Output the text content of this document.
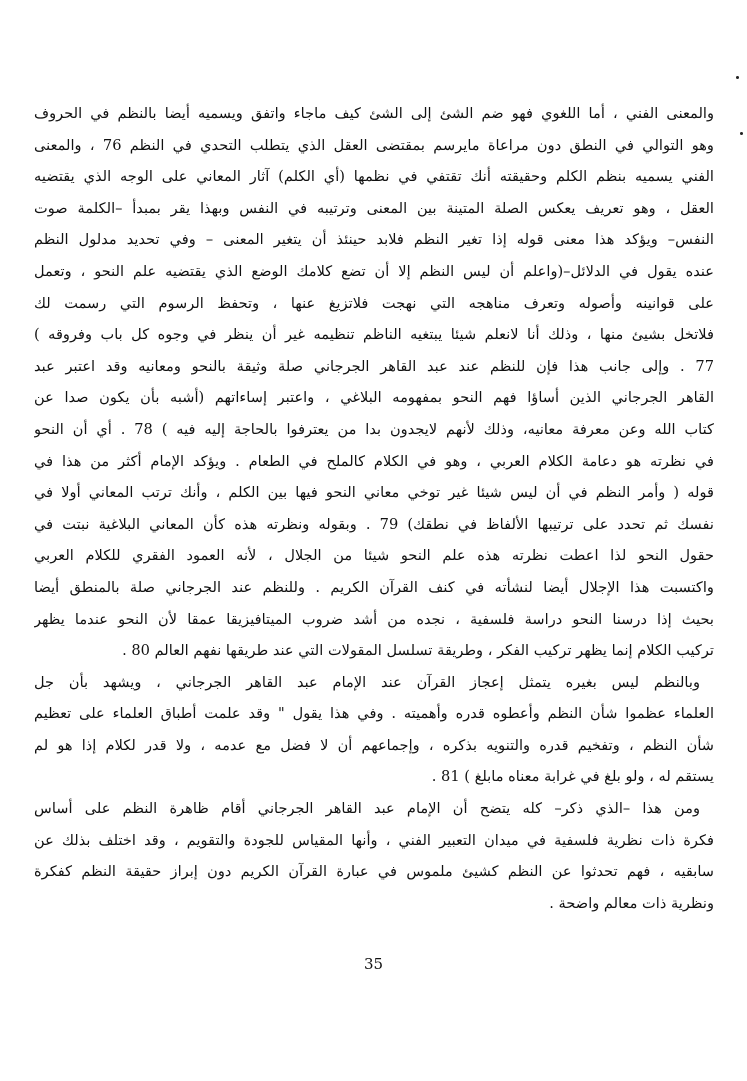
والمعنى الفني ، أما اللغوي فهو ضم الشئ إلى الشئ كيف ماجاء واتفق ويسميه أيضا بالنظم في الحروف
وهو التوالي في النطق دون مراعاة مايرسم بمقتضى العقل الذي يتطلب التحدي في النظم 76 ، والمعنى
الفني يسميه بنظم الكلم وحقيقته أنك تقتفي في نظمها (أي الكلم) آثار المعاني على الوجه الذي يقتضيه
العقل ، وهو تعريف يعكس الصلة المتينة بين المعنى وترتيبه في النفس وبهذا يقر بمبدأ –الكلمة صوت
النفس– ويؤكد هذا معنى قوله إذا تغير النظم فلابد حينئذ أن يتغير المعنى – وفي تحديد مدلول النظم
عنده يقول في الدلائل–(واعلم أن ليس النظم إلا أن تضع كلامك الوضع الذي يقتضيه علم النحو ، وتعمل
على قوانينه وأصوله وتعرف مناهجه التي نهجت فلاتزيغ عنها ، وتحفظ الرسوم التي رسمت لك
فلاتخل بشيئ منها ، وذلك أنا لانعلم شيئا يبتغيه الناظم تنظيمه غير أن ينظر في وجوه كل باب وفروقه )
77 . وإلى جانب هذا فإن للنظم عند عبد القاهر الجرجاني صلة وثيقة بالنحو ومعانيه وقد اعتبر عبد
القاهر الجرجاني الذين أساؤا فهم النحو بمفهومه البلاغي ، واعتبر إساءاتهم (أشبه بأن يكون صدا عن
كتاب الله وعن معرفة معانيه، وذلك لأنهم لايجدون بدا من يعترفوا بالحاجة إليه فيه ) 78 . أي أن النحو
في نظرته هو دعامة الكلام العربي ، وهو في الكلام كالملح في الطعام . ويؤكد الإمام أكثر من هذا في
قوله ( وأمر النظم في أن ليس شيئا غير توخي معاني النحو فيها بين الكلم ، وأنك ترتب المعاني أولا في
نفسك ثم تحدد على ترتيبها الألفاظ في نطقك) 79 . وبقوله ونظرته هذه كأن المعاني البلاغية نبتت في
حقول النحو لذا اعطت نظرته هذه علم النحو شيئا من الجلال ، لأنه العمود الفقري للكلام العربي
واكتسبت هذا الإجلال أيضا لنشأته في كنف القرآن الكريم . وللنظم عند الجرجاني صلة بالمنطق أيضا
بحيث إذا درسنا النحو دراسة فلسفية ، نجده من أشد ضروب الميتافيزيقا عمقا لأن النحو عندما يظهر
تركيب الكلام إنما يظهر تركيب الفكر ، وطريقة تسلسل المقولات التي عند طريقها نفهم العالم 80 .
وبالنظم ليس بغيره يتمثل إعجاز القرآن عند الإمام عبد القاهر الجرجاني ، ويشهد بأن جل
العلماء عظموا شأن النظم وأعطوه قدره وأهميته . وفي هذا يقول " وقد علمت أطباق العلماء على تعظيم
شأن النظم ، وتفخيم قدره والتنويه بذكره ، وإجماعهم أن لا فضل مع عدمه ، ولا قدر لكلام إذا هو لم
يستقم له ، ولو بلغ في غرابة معناه مابلغ ) 81 .
ومن هذا –الذي ذكر– كله يتضح أن الإمام عبد القاهر الجرجاني أقام ظاهرة النظم على أساس
فكرة ذات نظرية فلسفية في ميدان التعبير الفني ، وأنها المقياس للجودة والتقويم ، وقد اختلف بذلك عن
سابقيه ، فهم تحدثوا عن النظم كشيئ ملموس في عبارة القرآن الكريم دون إبراز حقيقة النظم كفكرة
ونظرية ذات معالم واضحة .
35
